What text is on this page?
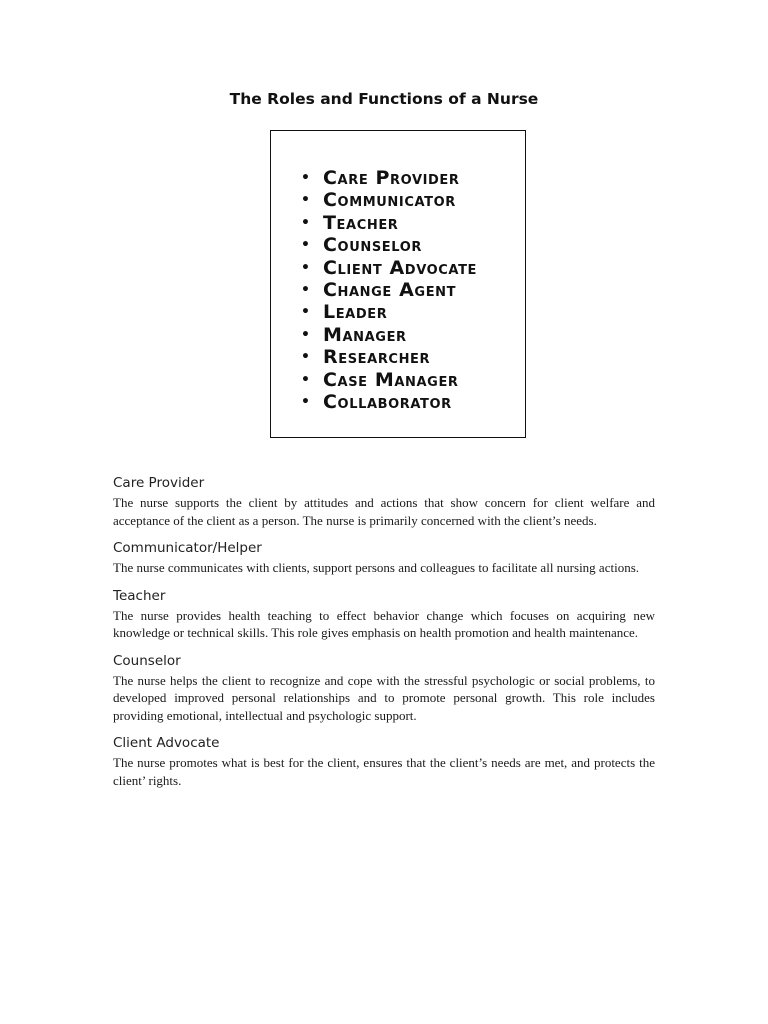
The Roles and Functions of a Nurse
• Care Provider
• Communicator
• Teacher
• Counselor
• Client Advocate
• Change Agent
• Leader
• Manager
• Researcher
• Case Manager
• Collaborator
Care Provider

The nurse supports the client by attitudes and actions that show concern for client welfare and acceptance of the client as a person. The nurse is primarily concerned with the client’s needs.

Communicator/Helper

The nurse communicates with clients, support persons and colleagues to facilitate all nursing actions.

Teacher

The nurse provides health teaching to effect behavior change which focuses on acquiring new knowledge or technical skills. This role gives emphasis on health promotion and health maintenance.

Counselor

The nurse helps the client to recognize and cope with the stressful psychologic or social problems, to developed improved personal relationships and to promote personal growth. This role includes providing emotional, intellectual and psychologic support.

Client Advocate

The nurse promotes what is best for the client, ensures that the client’s needs are met, and protects the client’ rights.
